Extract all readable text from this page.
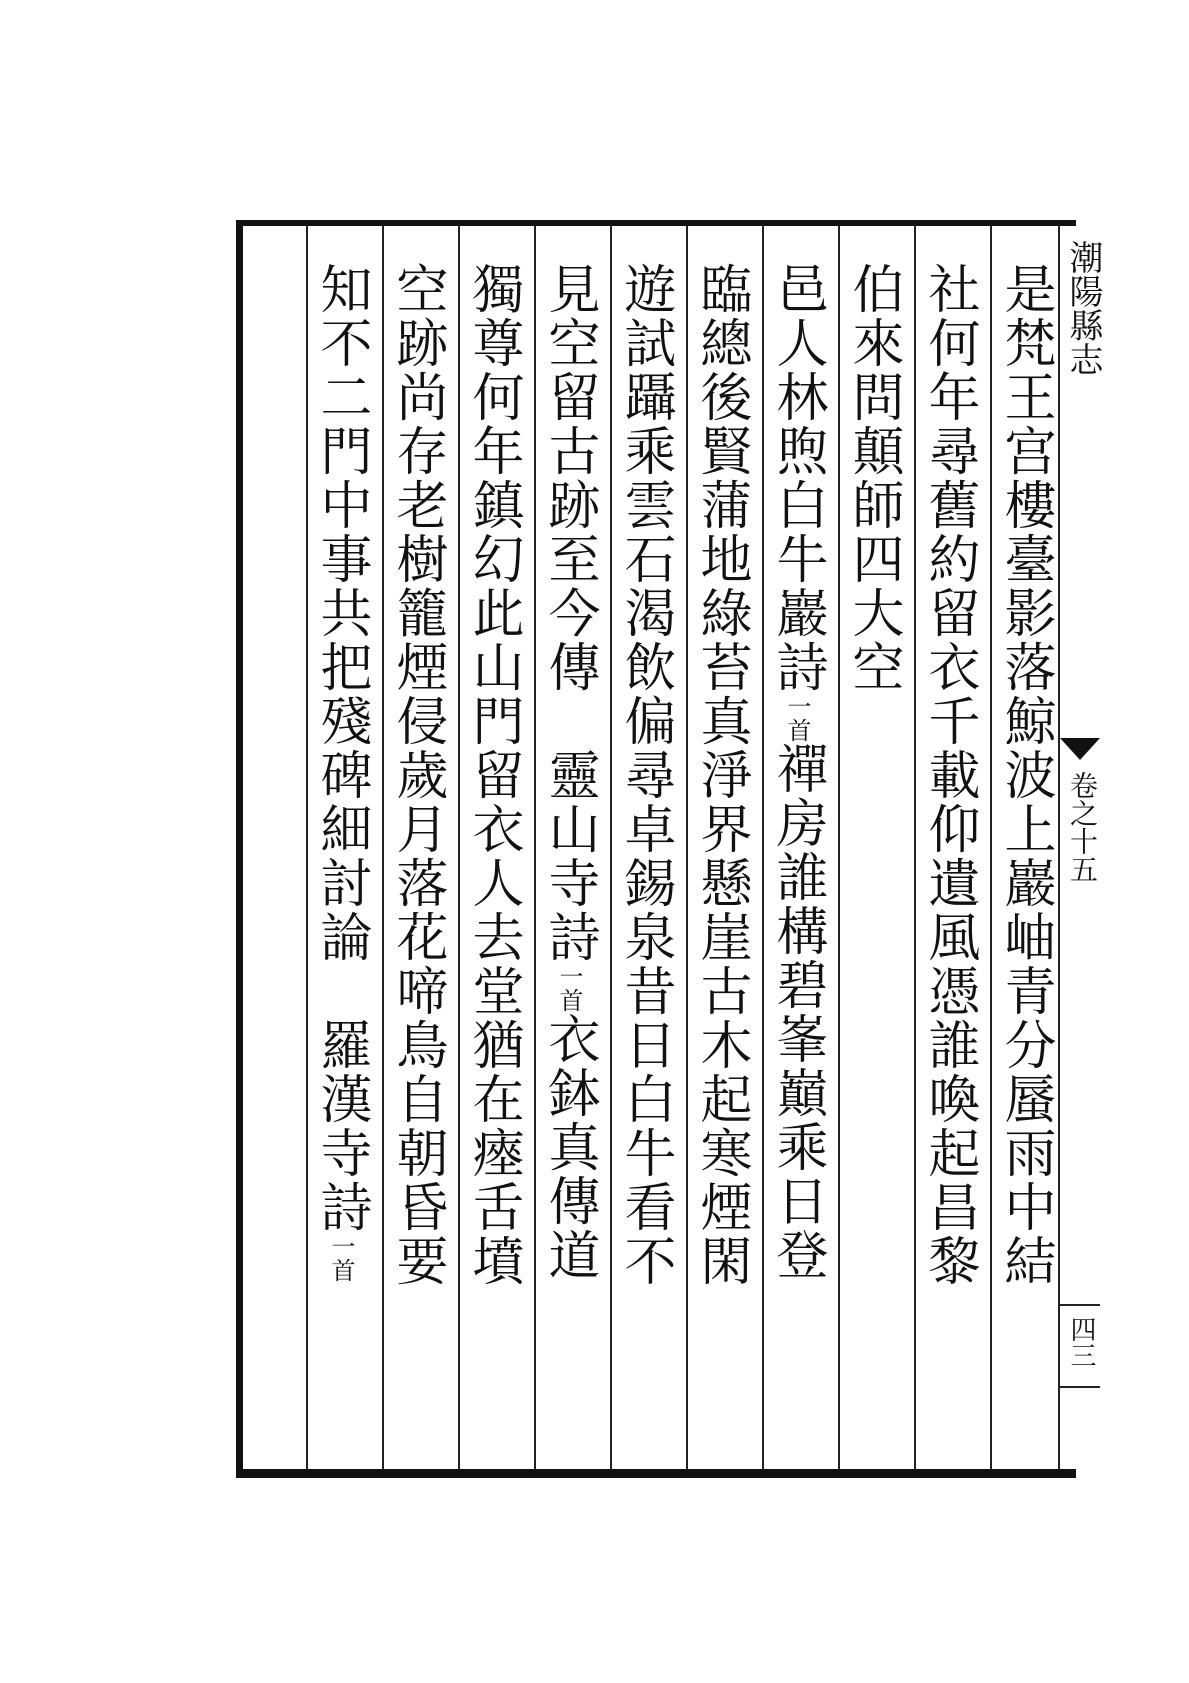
是梵王宫樓臺影落鯨波上巖岫青分蜃雨中結
社何年尋舊約留衣千載仰遺風憑誰喚起昌黎
伯來問顛師四大空
邑人林煦白牛巖詩一首禪房誰構碧峯巔乘日登
臨總後賢蒲地綠苔真淨界懸崖古木起寒煙閑
遊試躡乘雲石渴飲偏尋卓錫泉昔日白牛看不
見空留古跡至今傳　靈山寺詩一首衣鉢真傳道
獨尊何年鎮幻此山門留衣人去堂猶在瘞舌墳
空跡尚存老樹籠煙侵歲月落花啼鳥自朝昏要
知不二門中事共把殘碑細討論　羅漢寺詩一首
潮陽縣志
卷之十五
四三
